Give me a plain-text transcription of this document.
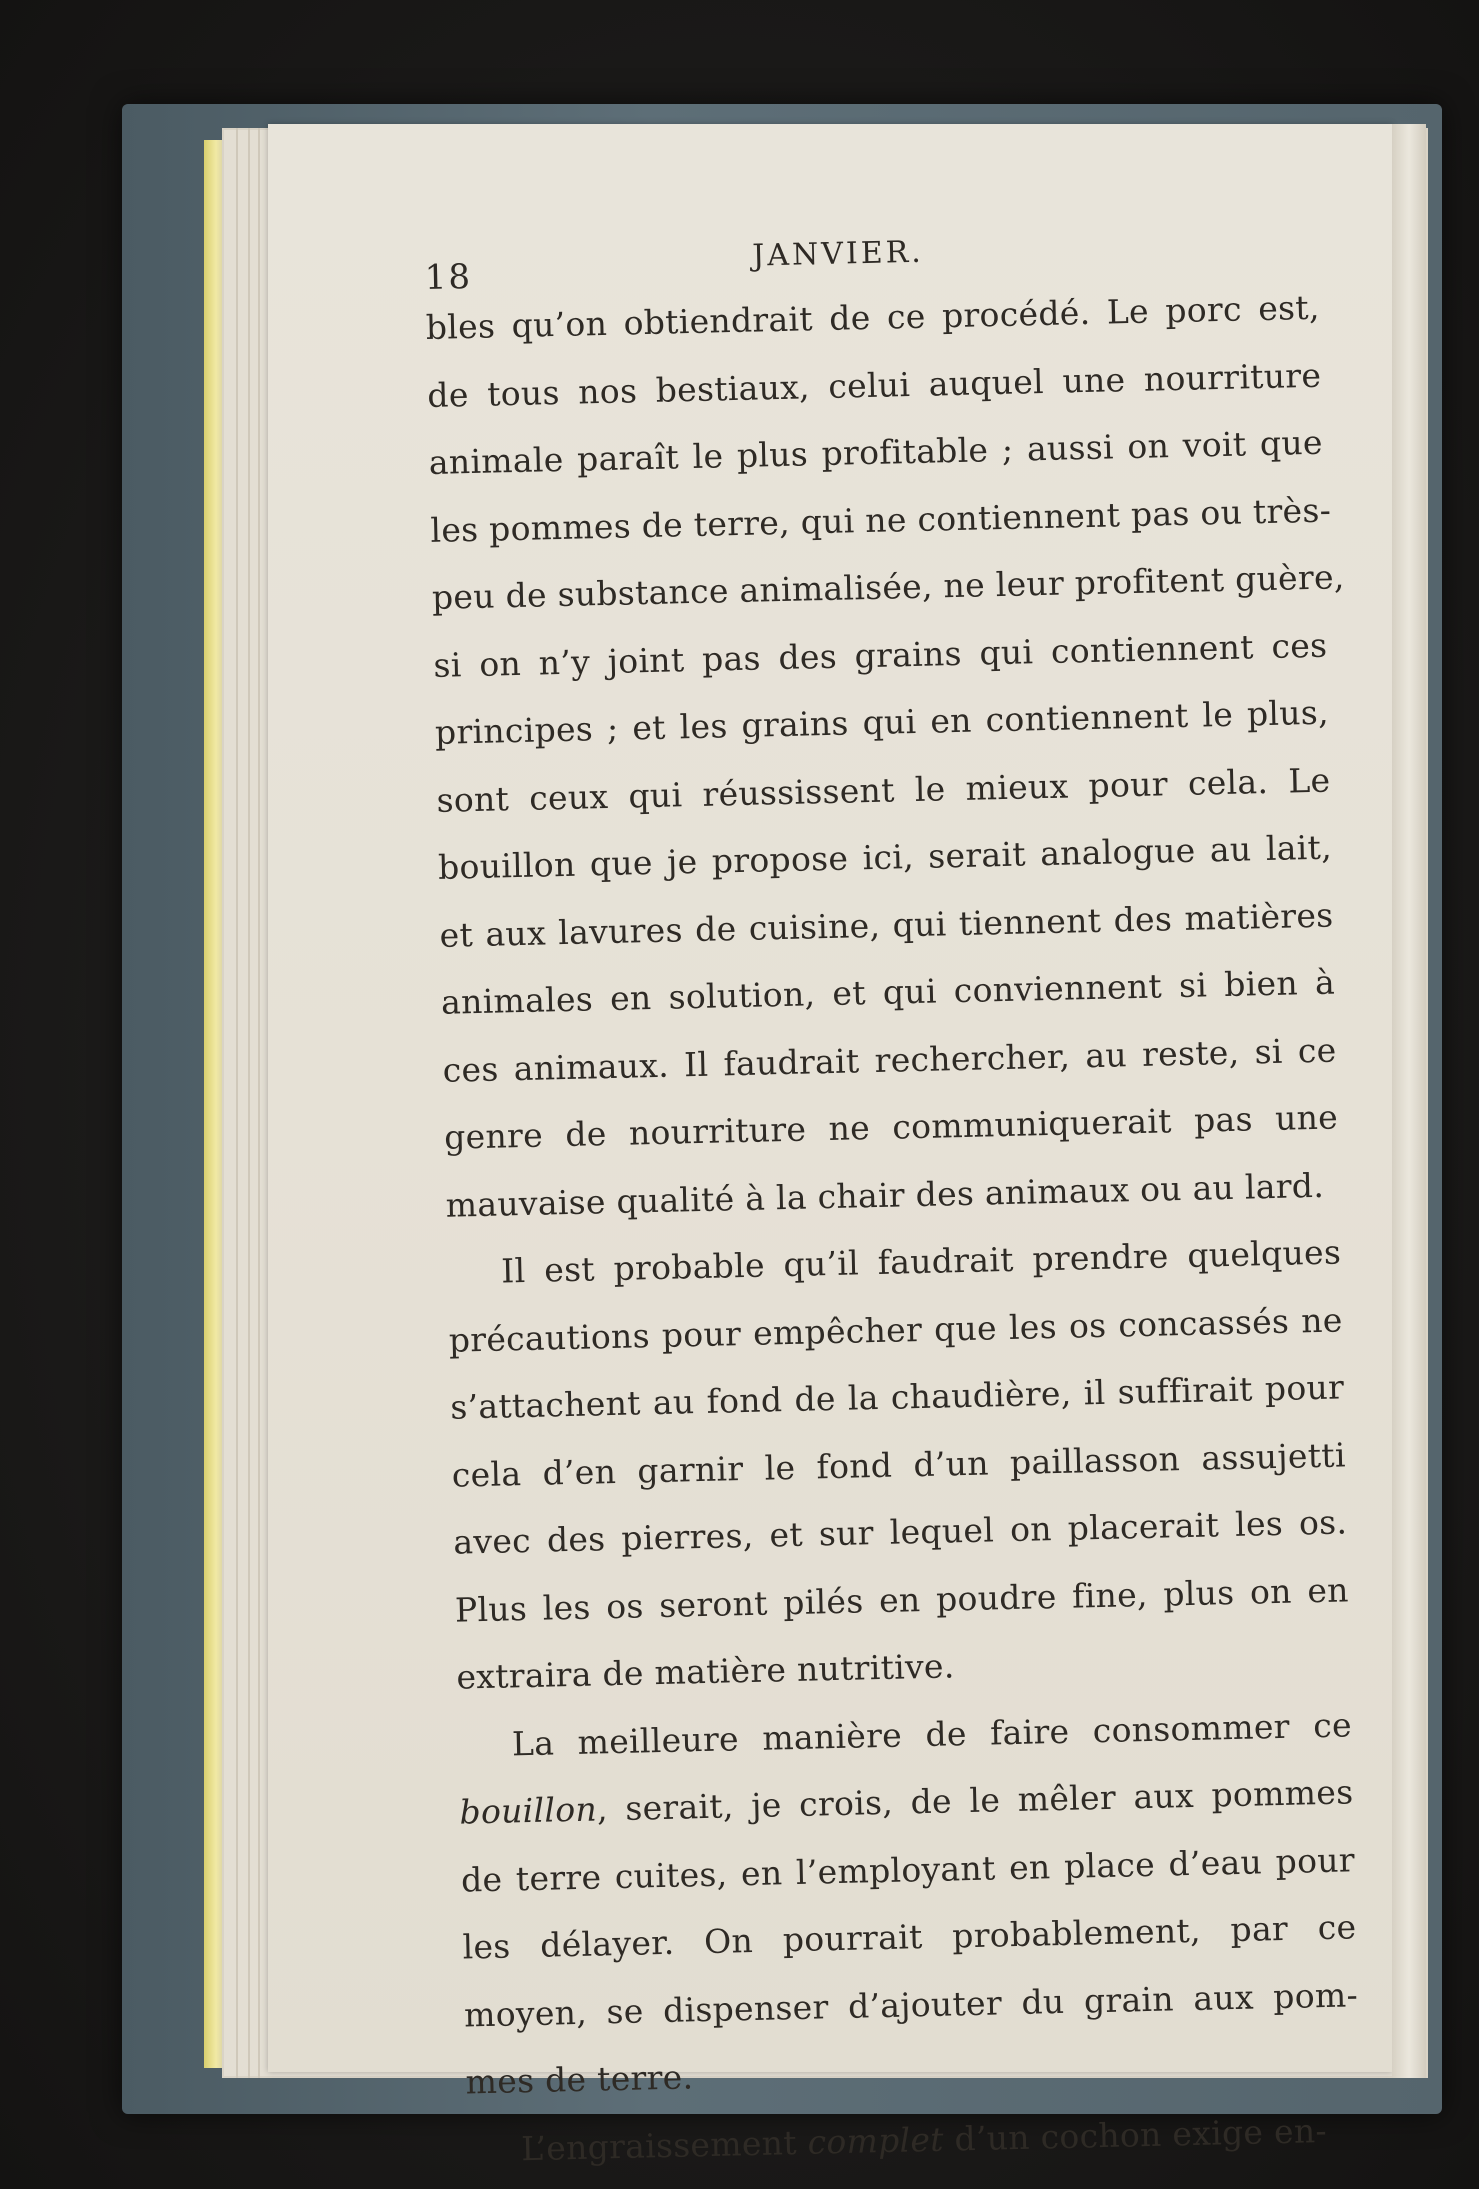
18
JANVIER.
bles qu’on obtiendrait de ce procédé. Le porc est,
de tous nos bestiaux, celui auquel une nourriture
animale paraît le plus profitable ; aussi on voit que
les pommes de terre, qui ne contiennent pas ou très-
peu de substance animalisée, ne leur profitent guère,
si on n’y joint pas des grains qui contiennent ces
principes ; et les grains qui en contiennent le plus,
sont ceux qui réussissent le mieux pour cela. Le
bouillon que je propose ici, serait analogue au lait,
et aux lavures de cuisine, qui tiennent des matières
animales en solution, et qui conviennent si bien à
ces animaux. Il faudrait rechercher, au reste, si ce
genre de nourriture ne communiquerait pas une
mauvaise qualité à la chair des animaux ou au lard.
Il est probable qu’il faudrait prendre quelques
précautions pour empêcher que les os concassés ne
s’attachent au fond de la chaudière, il suffirait pour
cela d’en garnir le fond d’un paillasson assujetti
avec des pierres, et sur lequel on placerait les os.
Plus les os seront pilés en poudre fine, plus on en
extraira de matière nutritive.
La meilleure manière de faire consommer ce
bouillon, serait, je crois, de le mêler aux pommes
de terre cuites, en l’employant en place d’eau pour
les délayer. On pourrait probablement, par ce
moyen, se dispenser d’ajouter du grain aux pom-
mes de terre.
L’engraissement complet d’un cochon exige en-
